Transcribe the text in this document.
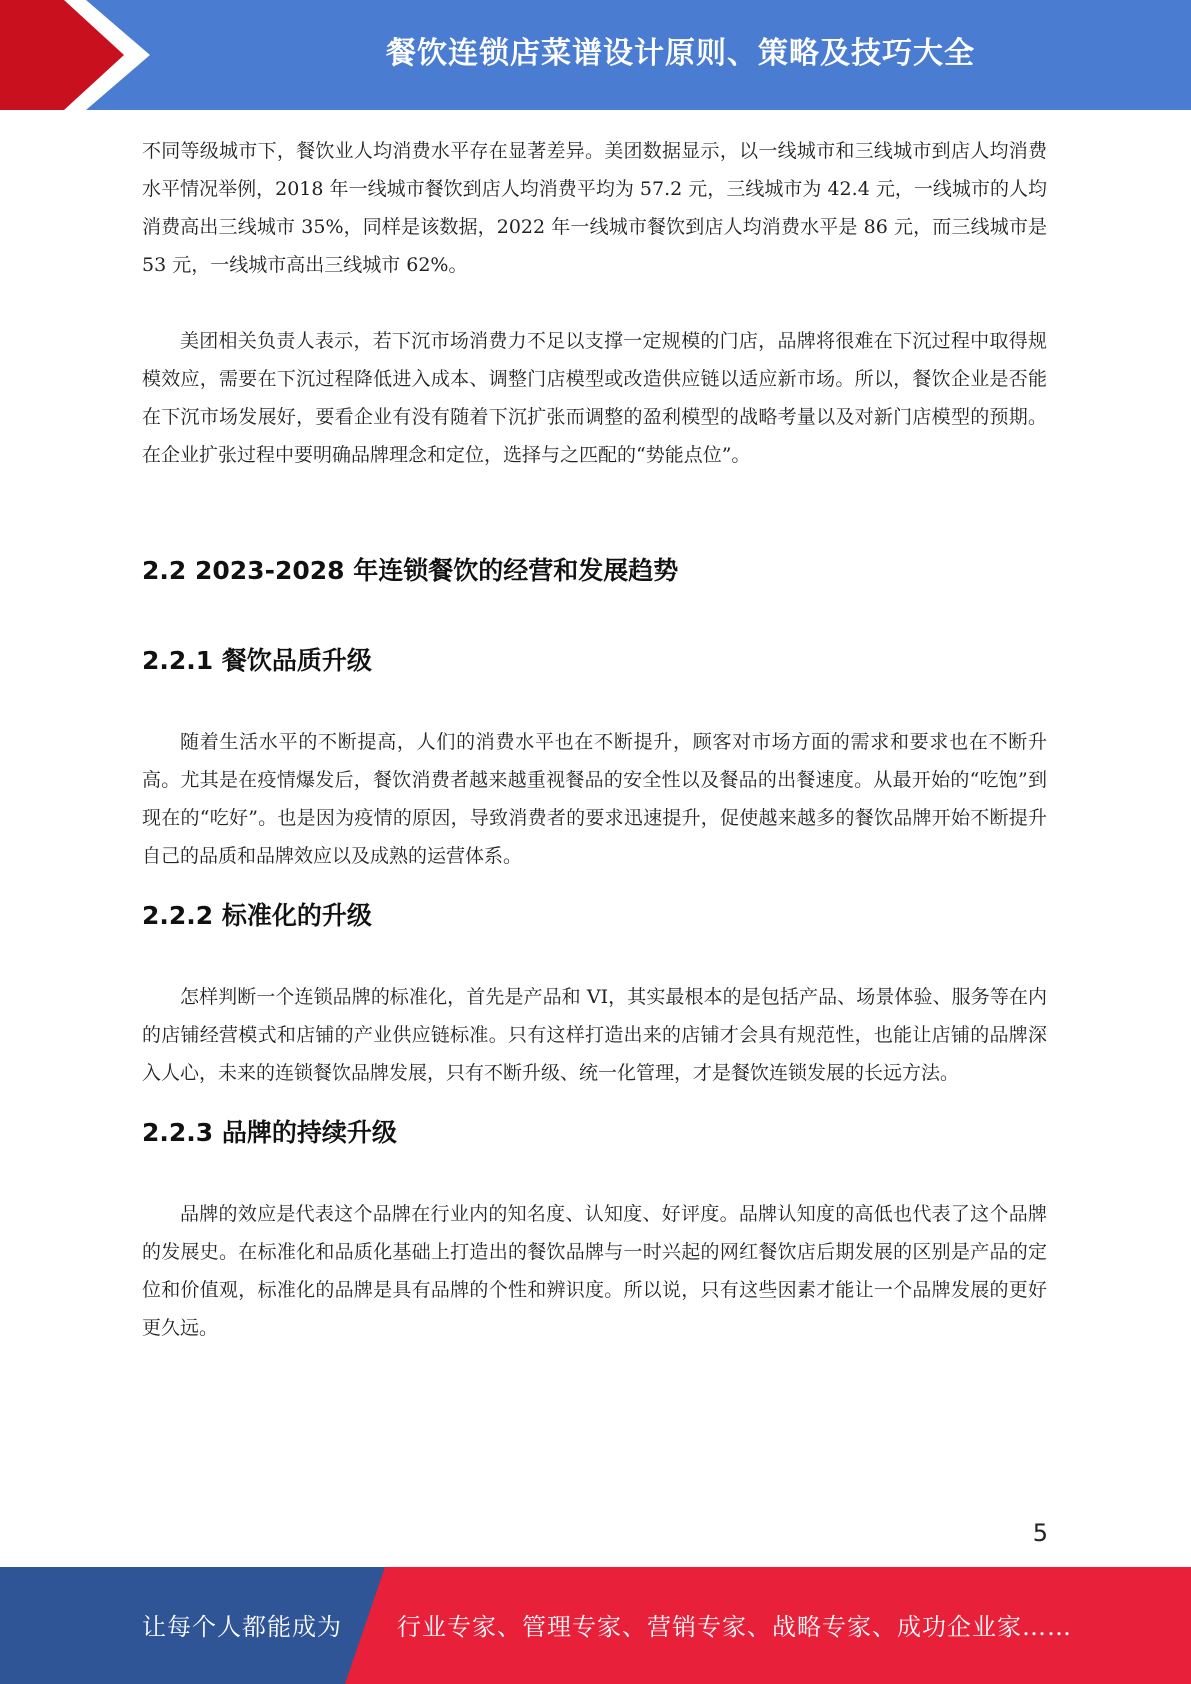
餐饮连锁店菜谱设计原则、策略及技巧大全

不同等级城市下，餐饮业人均消费水平存在显著差异。美团数据显示，以一线城市和三线城市到店人均消费水平情况举例，2018 年一线城市餐饮到店人均消费平均为 57.2 元，三线城市为 42.4 元，一线城市的人均消费高出三线城市 35%，同样是该数据，2022 年一线城市餐饮到店人均消费水平是 86 元，而三线城市是 53 元，一线城市高出三线城市 62%。

美团相关负责人表示，若下沉市场消费力不足以支撑一定规模的门店，品牌将很难在下沉过程中取得规模效应，需要在下沉过程降低进入成本、调整门店模型或改造供应链以适应新市场。所以，餐饮企业是否能在下沉市场发展好，要看企业有没有随着下沉扩张而调整的盈利模型的战略考量以及对新门店模型的预期。在企业扩张过程中要明确品牌理念和定位，选择与之匹配的“势能点位”。

2.2 2023-2028 年连锁餐饮的经营和发展趋势
2.2.1 餐饮品质升级

随着生活水平的不断提高，人们的消费水平也在不断提升，顾客对市场方面的需求和要求也在不断升高。尤其是在疫情爆发后，餐饮消费者越来越重视餐品的安全性以及餐品的出餐速度。从最开始的“吃饱”到现在的“吃好”。也是因为疫情的原因，导致消费者的要求迅速提升，促使越来越多的餐饮品牌开始不断提升自己的品质和品牌效应以及成熟的运营体系。

2.2.2 标准化的升级

怎样判断一个连锁品牌的标准化，首先是产品和 VI，其实最根本的是包括产品、场景体验、服务等在内的店铺经营模式和店铺的产业供应链标准。只有这样打造出来的店铺才会具有规范性，也能让店铺的品牌深入人心，未来的连锁餐饮品牌发展，只有不断升级、统一化管理，才是餐饮连锁发展的长远方法。

2.2.3 品牌的持续升级

品牌的效应是代表这个品牌在行业内的知名度、认知度、好评度。品牌认知度的高低也代表了这个品牌的发展史。在标准化和品质化基础上打造出的餐饮品牌与一时兴起的网红餐饮店后期发展的区别是产品的定位和价值观，标准化的品牌是具有品牌的个性和辨识度。所以说，只有这些因素才能让一个品牌发展的更好更久远。

5
让每个人都能成为 行业专家、管理专家、营销专家、战略专家、成功企业家……
